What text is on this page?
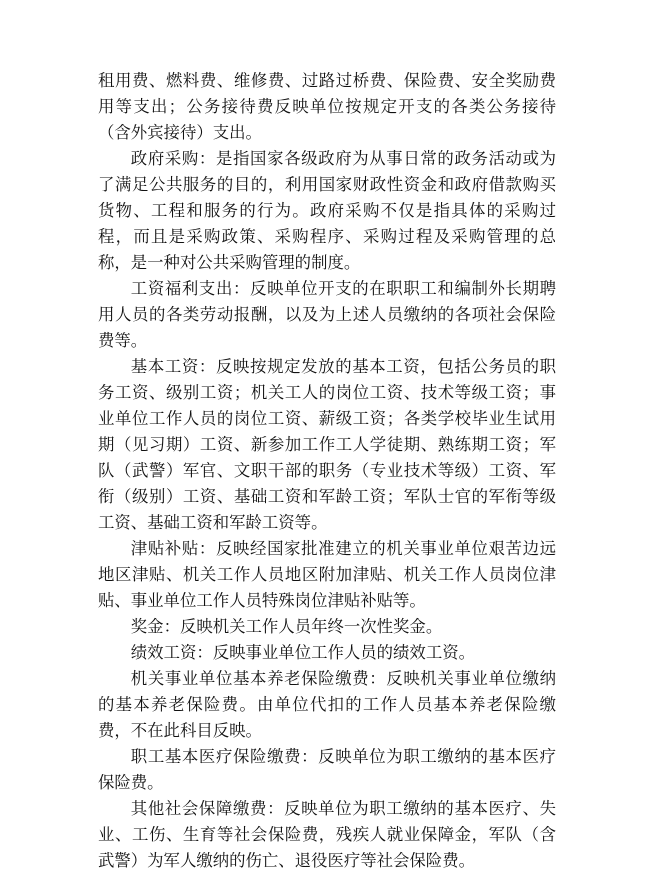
租用费、燃料费、维修费、过路过桥费、保险费、安全奖励费用等支出；公务接待费反映单位按规定开支的各类公务接待（含外宾接待）支出。

政府采购：是指国家各级政府为从事日常的政务活动或为了满足公共服务的目的，利用国家财政性资金和政府借款购买货物、工程和服务的行为。政府采购不仅是指具体的采购过程，而且是采购政策、采购程序、采购过程及采购管理的总称，是一种对公共采购管理的制度。

工资福利支出：反映单位开支的在职职工和编制外长期聘用人员的各类劳动报酬，以及为上述人员缴纳的各项社会保险费等。

基本工资：反映按规定发放的基本工资，包括公务员的职务工资、级别工资；机关工人的岗位工资、技术等级工资；事业单位工作人员的岗位工资、薪级工资；各类学校毕业生试用期（见习期）工资、新参加工作工人学徒期、熟练期工资；军队（武警）军官、文职干部的职务（专业技术等级）工资、军衔（级别）工资、基础工资和军龄工资；军队士官的军衔等级工资、基础工资和军龄工资等。

津贴补贴：反映经国家批准建立的机关事业单位艰苦边远地区津贴、机关工作人员地区附加津贴、机关工作人员岗位津贴、事业单位工作人员特殊岗位津贴补贴等。

奖金：反映机关工作人员年终一次性奖金。

绩效工资：反映事业单位工作人员的绩效工资。

机关事业单位基本养老保险缴费：反映机关事业单位缴纳的基本养老保险费。由单位代扣的工作人员基本养老保险缴费，不在此科目反映。

职工基本医疗保险缴费：反映单位为职工缴纳的基本医疗保险费。

其他社会保障缴费：反映单位为职工缴纳的基本医疗、失业、工伤、生育等社会保险费，残疾人就业保障金，军队（含武警）为军人缴纳的伤亡、退役医疗等社会保险费。
